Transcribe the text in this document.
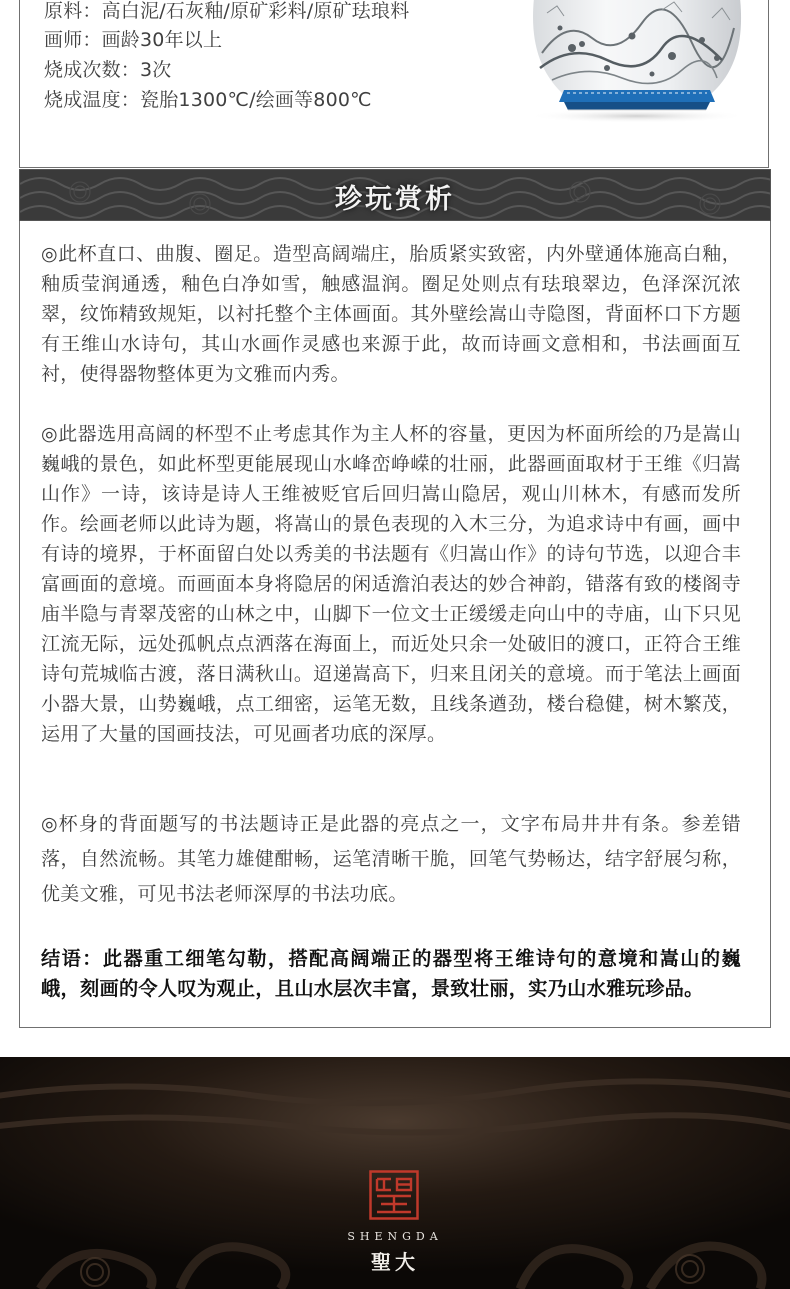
原料：高白泥/石灰釉/原矿彩料/原矿珐琅料
画师：画龄30年以上
烧成次数：3次
烧成温度：瓷胎1300℃/绘画等800℃
珍玩赏析
◎此杯直口、曲腹、圈足。造型高阔端庄，胎质紧实致密，内外壁通体施高白釉，釉质莹润通透，釉色白净如雪，触感温润。圈足处则点有珐琅翠边，色泽深沉浓翠，纹饰精致规矩，以衬托整个主体画面。其外壁绘嵩山寺隐图，背面杯口下方题有王维山水诗句，其山水画作灵感也来源于此，故而诗画文意相和，书法画面互衬，使得器物整体更为文雅而内秀。
◎此器选用高阔的杯型不止考虑其作为主人杯的容量，更因为杯面所绘的乃是嵩山巍峨的景色，如此杯型更能展现山水峰峦峥嵘的壮丽，此器画面取材于王维《归嵩山作》一诗，该诗是诗人王维被贬官后回归嵩山隐居，观山川林木，有感而发所作。绘画老师以此诗为题，将嵩山的景色表现的入木三分，为追求诗中有画，画中有诗的境界，于杯面留白处以秀美的书法题有《归嵩山作》的诗句节选，以迎合丰富画面的意境。而画面本身将隐居的闲适澹泊表达的妙合神韵，错落有致的楼阁寺庙半隐与青翠茂密的山林之中，山脚下一位文士正缓缓走向山中的寺庙，山下只见江流无际，远处孤帆点点洒落在海面上，而近处只余一处破旧的渡口，正符合王维诗句荒城临古渡，落日满秋山。迢递嵩高下，归来且闭关的意境。而于笔法上画面小器大景，山势巍峨，点工细密，运笔无数，且线条遒劲，楼台稳健，树木繁茂，运用了大量的国画技法，可见画者功底的深厚。
◎杯身的背面题写的书法题诗正是此器的亮点之一，文字布局井井有条。参差错落，自然流畅。其笔力雄健酣畅，运笔清晰干脆，回笔气势畅达，结字舒展匀称，优美文雅，可见书法老师深厚的书法功底。
结语：此器重工细笔勾勒，搭配高阔端正的器型将王维诗句的意境和嵩山的巍峨，刻画的令人叹为观止，且山水层次丰富，景致壮丽，实乃山水雅玩珍品。
SHENGDA
聖大
